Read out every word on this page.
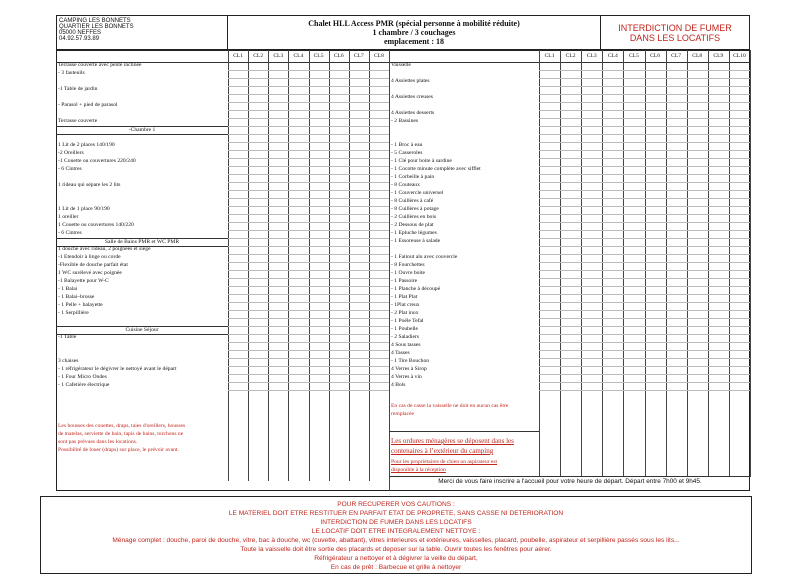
CAMPING LES BONNETS
QUARTIER LES BONNETS
05000 NEFFES
04.92.57.93.89
Chalet HLL Access PMR (spécial personne à mobilité réduite)
1 chambre / 3 couchages
emplacement : 18
INTERDICTION DE FUMER
DANS LES LOCATIFS
CL1	CL2	CL3	CL4	CL5	CL6	CL7	CL8	CL1	CL2	CL3	CL4	CL5	CL6	CL7	CL8	CL9	CL10
Terrasse couverte avec pente inclinée
- 3 fauteuils
-1 Table de jardin
- Parasol + pied de parasol
Terrasse couverte
-Chambre 1
1 Lit de 2 places 140/190
-2 Oreillers
-1 Couette ou couvertures 220/240
- 6 Cintres
1 rideau qui sépare les 2 lits
1 Lit de 1 place 90/190
1 oreiller
1 Couette ou couvertures 140/220
- 6 Cintres
Salle de Bains PMR et WC PMR
1 douche avec rideau, 2 poignées et siège
-1 Etendoir à linge ou corde
-Flexible de douche parfait état
1 WC surélevé avec poignée
-1 Balayette pour W-C
- 1 Balai
- 1 Balai–brosse
- 1 Pelle + balayette
- 1 Serpillière
Cuisine Séjour
-1 Table
3 chaises
- 1 réfrigérateur le dégivrer le nettoyé avant le départ
- 1 Four Micro Ondes
- 1 Cafetière électrique
Vaisselle
4 Assiettes plates
4 Assiettes creuses
4 Assiettes desserts
- 2 Bassines
- 1 Broc à eau
- 5 Casseroles
- 1 Clé pour boite à sardine
- 1 Cocotte minute complète avec sifflet
- 1 Corbeille à pain
- 8 Couteaux
- 1 Couvercle universel
- 8 Cuillères à café
- 8 Cuillères à potage
- 2 Cuillères en bois
- 2 Dessous de plat
- 1 Epluche légumes
- 1 Essoreuse à salade
- 1 Faitout alu avec couvercle
- 8 Fourchettes
- 1 Ouvre boite
- 1 Passoire
- 1 Planche à découpé
- 1 Plat Plat
- 1Plat creux
- 2 Plat inox
- 1 Poële Tefal
- 1 Poubelle
- 2 Saladiers
4 Sous tasses
4 Tasses
- 1 Tire Bouchon
4 Verres à Sirop
4 Verres à vin
4 Bols
Les housses des couettes, draps, taies d'oreillers, housses
de matelas, serviette de bain, tapis de bains, torchons ne
sont pas prévues dans les locations.
Possibilité de louer (draps) sur place, le prévoir avant.
En cas de casse la vaisselle ne doit en aucun cas être
remplacée
Les ordures ménagères se déposent dans les
contenaires à l’extérieur du camping
Pour les propriétaires de chien un aspirateur est
disponible à la réception
Merci de vous faire inscrire a l'accueil pour votre heure de départ. Départ entre 7h00 et 9h45.
POUR RECUPERER VOS CAUTIONS :
LE MATERIEL DOIT ETRE RESTITUER EN PARFAIT ETAT DE PROPRETE, SANS CASSE NI DETERIORATION
INTERDICTION DE FUMER DANS LES LOCATIFS
LE LOCATIF DOIT ETRE INTEGRALEMENT NETTOYE :
Ménage complet : douche, paroi de douche, vitre, bac à douche, wc (cuvette, abattant), vitres interieures et extérieures, vaisselles, placard, poubelle, aspirateur et serpillière passés sous les lits...
Toute la vaisselle doit être sortie des placards et deposer sur la table. Ouvrir toutes les fenêtres pour aérer.
Réfrigérateur a nettoyer et à dégivrer la veille du départ,
En cas de prêt : Barbecue et grille à nettoyer
